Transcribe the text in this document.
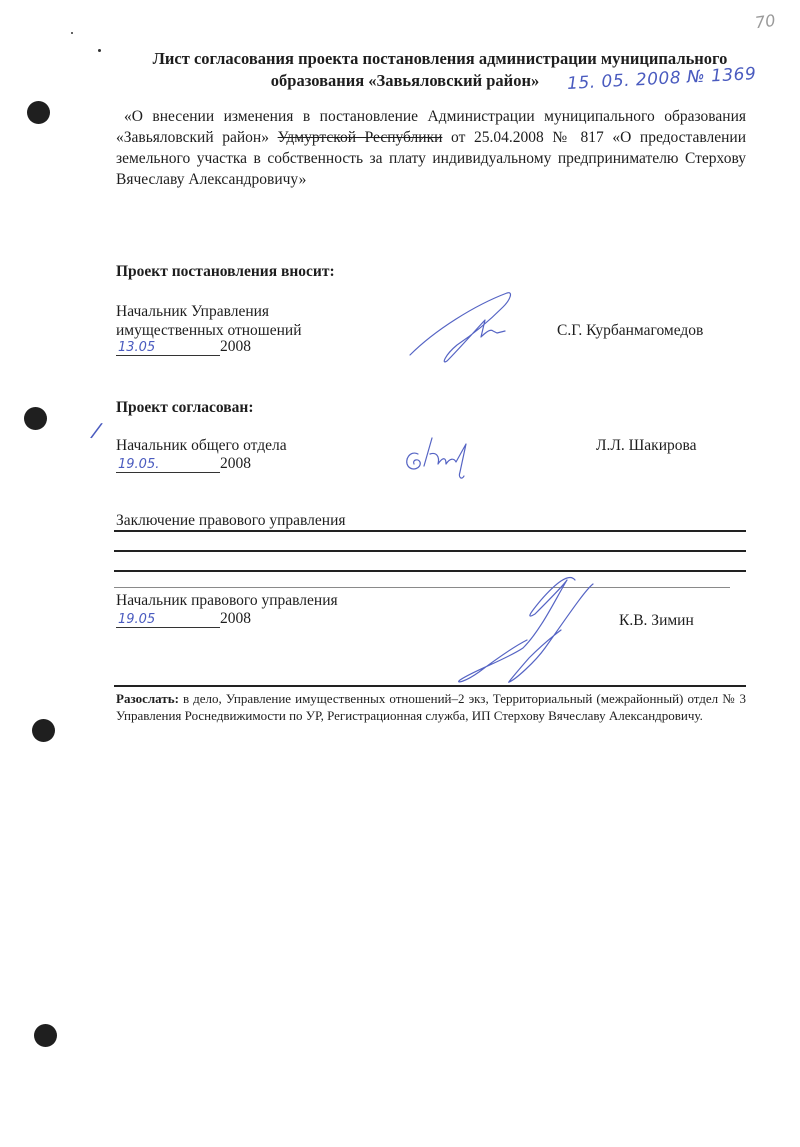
70
Лист согласования проекта постановления администрации муниципального
образования «Завьяловский район»	15. 05. 2008 № 1369

«О внесении изменения в постановление Администрации муниципального образования «Завьяловский район» Удмуртской Республики от 25.04.2008 № 817 «О предоставлении земельного участка в собственность за плату индивидуальному предпринимателю Стерхову Вячеславу Александровичу»

Проект постановления вносит:
Начальник Управления
имущественных отношений
13.05	2008
С.Г. Курбанмагомедов
/
Проект согласован:
Начальник общего отдела
19.05.	2008
Л.Л. Шакирова
Заключение правового управления
Начальник правового управления
19.05	2008	К.В. Зимин
Разослать: в дело, Управление имущественных отношений–2 экз, Территориальный (межрайонный) отдел № 3 Управления Роснедвижимости по УР, Регистрационная служба, ИП Стерхову Вячеславу Александровичу.
